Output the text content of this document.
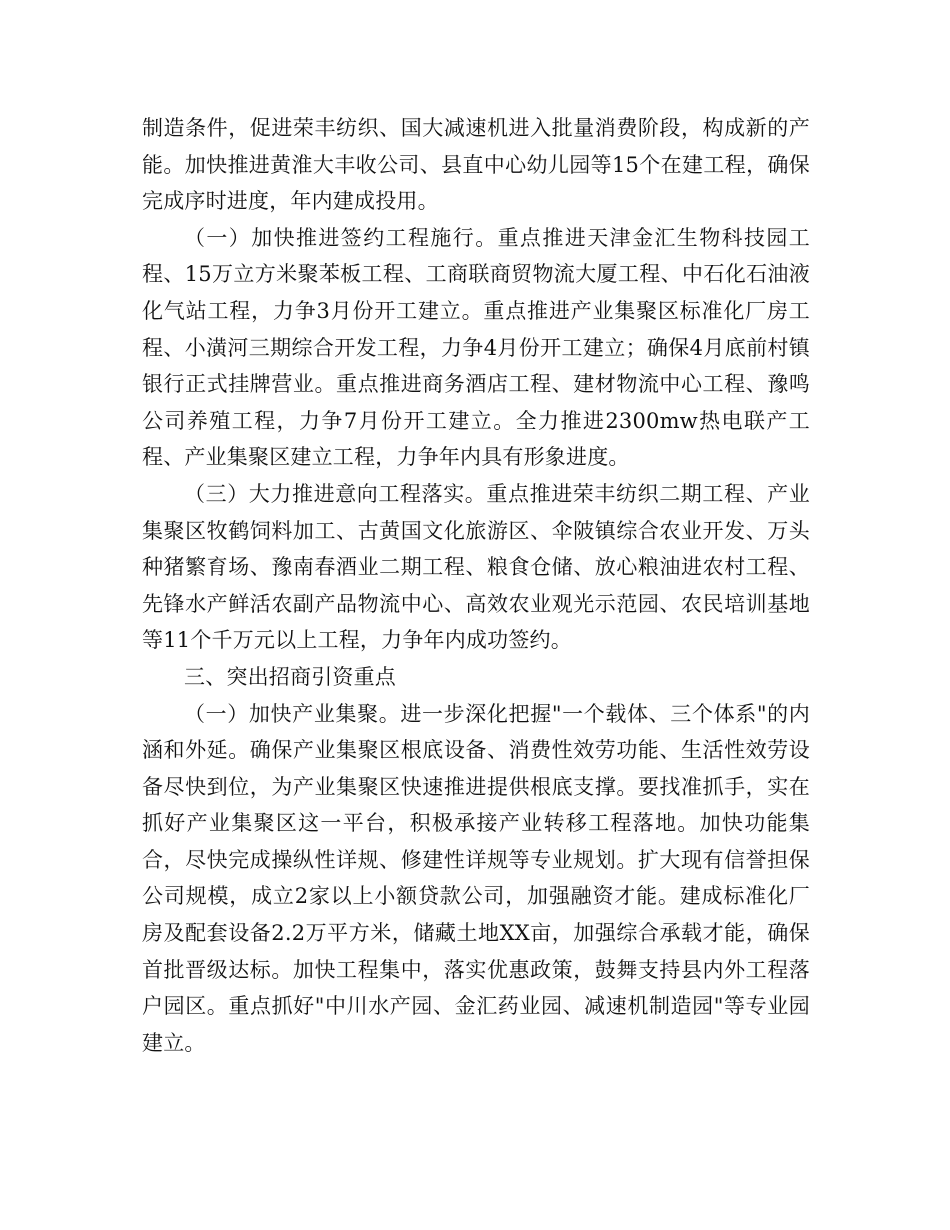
制造条件，促进荣丰纺织、国大减速机进入批量消费阶段，构成新的产能。加快推进黄淮大丰收公司、县直中心幼儿园等15个在建工程，确保完成序时进度，年内建成投用。

（一）加快推进签约工程施行。重点推进天津金汇生物科技园工程、15万立方米聚苯板工程、工商联商贸物流大厦工程、中石化石油液化气站工程，力争3月份开工建立。重点推进产业集聚区标准化厂房工程、小潢河三期综合开发工程，力争4月份开工建立；确保4月底前村镇银行正式挂牌营业。重点推进商务酒店工程、建材物流中心工程、豫鸣公司养殖工程，力争7月份开工建立。全力推进2300mw热电联产工程、产业集聚区建立工程，力争年内具有形象进度。

（三）大力推进意向工程落实。重点推进荣丰纺织二期工程、产业集聚区牧鹤饲料加工、古黄国文化旅游区、伞陂镇综合农业开发、万头种猪繁育场、豫南春酒业二期工程、粮食仓储、放心粮油进农村工程、先锋水产鲜活农副产品物流中心、高效农业观光示范园、农民培训基地等11个千万元以上工程，力争年内成功签约。

三、突出招商引资重点

（一）加快产业集聚。进一步深化把握"一个载体、三个体系"的内涵和外延。确保产业集聚区根底设备、消费性效劳功能、生活性效劳设备尽快到位，为产业集聚区快速推进提供根底支撑。要找准抓手，实在抓好产业集聚区这一平台，积极承接产业转移工程落地。加快功能集合，尽快完成操纵性详规、修建性详规等专业规划。扩大现有信誉担保公司规模，成立2家以上小额贷款公司，加强融资才能。建成标准化厂房及配套设备2.2万平方米，储藏土地XX亩，加强综合承载才能，确保首批晋级达标。加快工程集中，落实优惠政策，鼓舞支持县内外工程落户园区。重点抓好"中川水产园、金汇药业园、减速机制造园"等专业园建立。
